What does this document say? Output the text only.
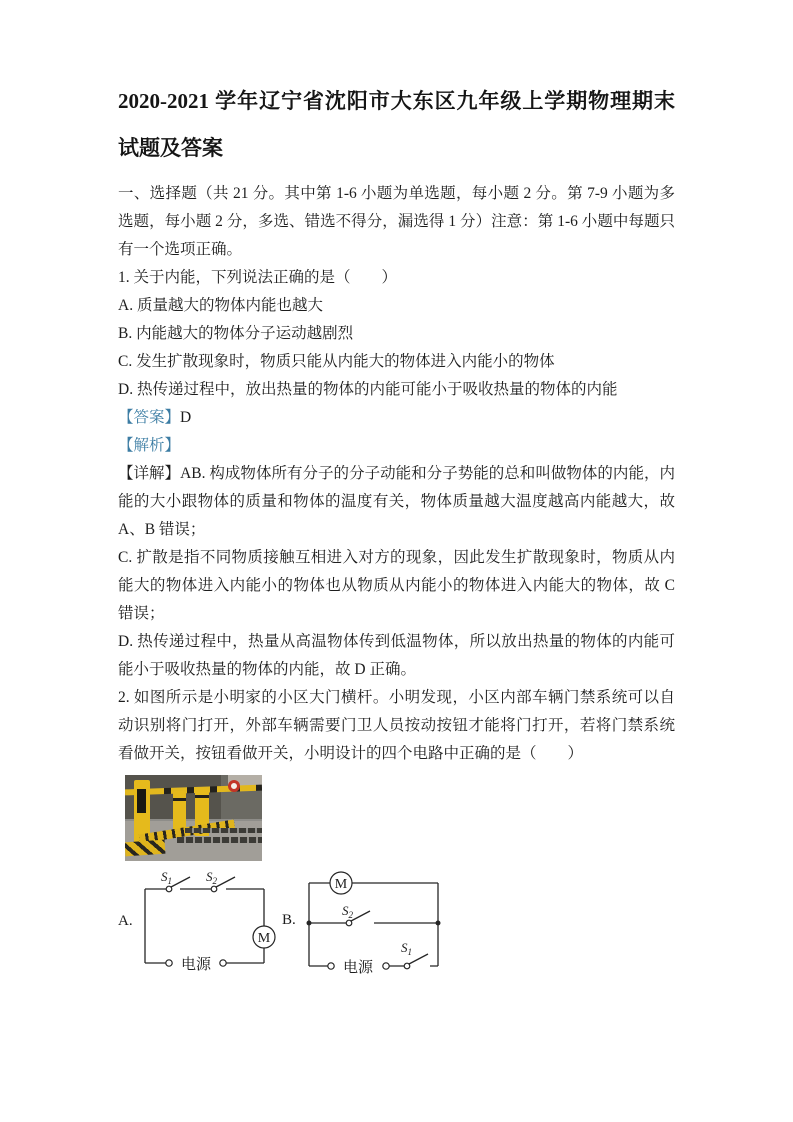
2020-2021 学年辽宁省沈阳市大东区九年级上学期物理期末试题及答案

一、选择题（共 21 分。其中第 1-6 小题为单选题，每小题 2 分。第 7-9 小题为多选题，每小题 2 分，多选、错选不得分，漏选得 1 分）注意：第 1-6 小题中每题只有一个选项正确。

1. 关于内能，下列说法正确的是（　　）

A. 质量越大的物体内能也越大

B. 内能越大的物体分子运动越剧烈

C. 发生扩散现象时，物质只能从内能大的物体进入内能小的物体

D. 热传递过程中，放出热量的物体的内能可能小于吸收热量的物体的内能

【答案】D

【解析】

【详解】AB. 构成物体所有分子的分子动能和分子势能的总和叫做物体的内能，内能的大小跟物体的质量和物体的温度有关，物体质量越大温度越高内能越大，故 A、B 错误；

C. 扩散是指不同物质接触互相进入对方的现象，因此发生扩散现象时，物质从内能大的物体进入内能小的物体也从物质从内能小的物体进入内能大的物体，故 C 错误；

D. 热传递过程中，热量从高温物体传到低温物体，所以放出热量的物体的内能可能小于吸收热量的物体的内能，故 D 正确。

2. 如图所示是小明家的小区大门横杆。小明发现，小区内部车辆门禁系统可以自动识别将门打开，外部车辆需要门卫人员按动按钮才能将门打开，若将门禁系统看做开关，按钮看做开关，小明设计的四个电路中正确的是（　　）

A.
M
$S_1$	$S_2$
电源
B.
M
$S_2$
$S_1$
电源
